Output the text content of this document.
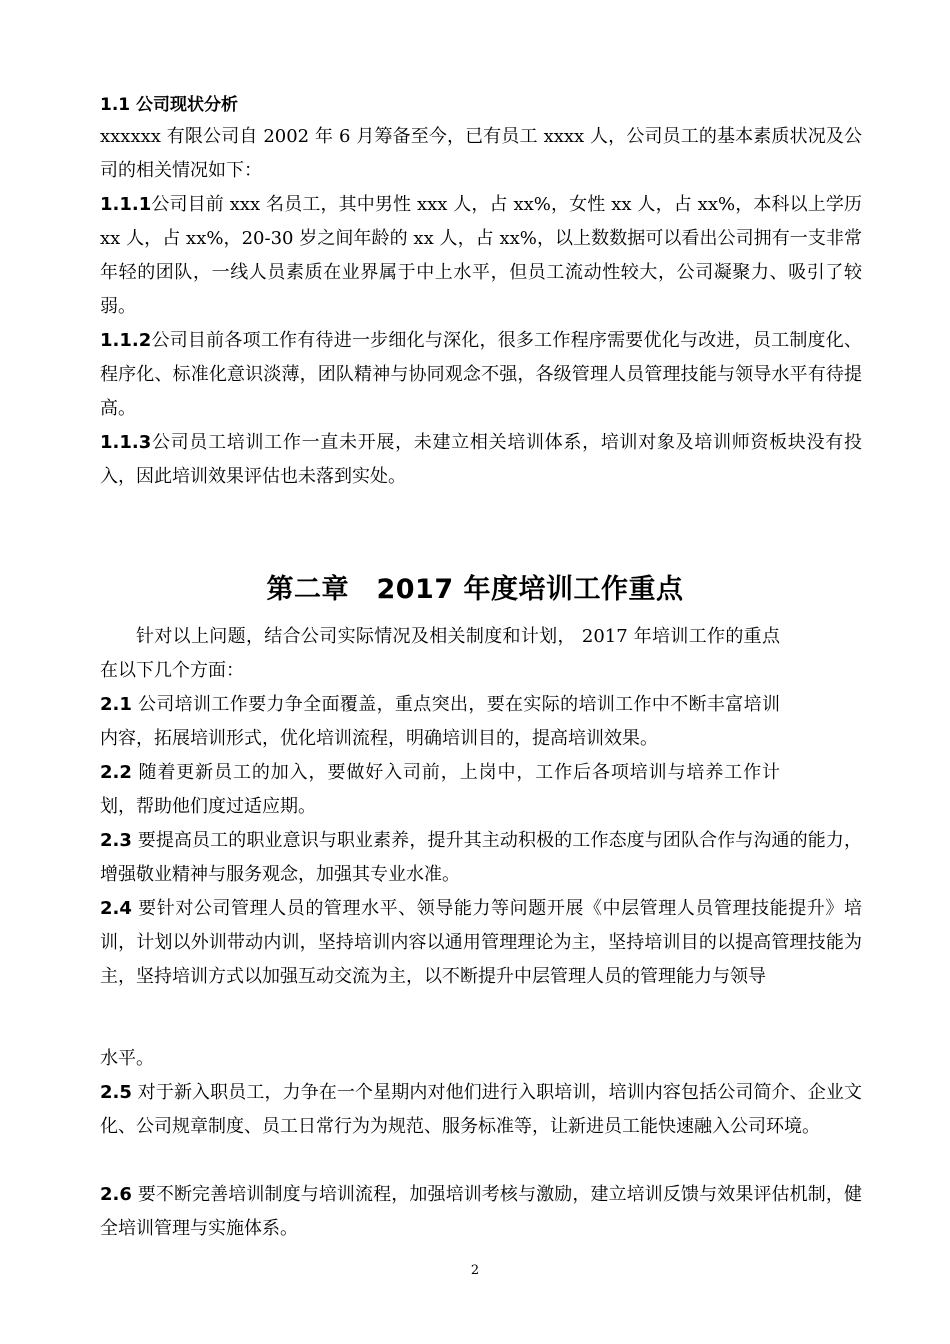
1.1 公司现状分析
xxxxxx 有限公司自 2002 年 6 月筹备至今，已有员工 xxxx 人，公司员工的基本素质状况及公司的相关情况如下：
1.1.1公司目前 xxx 名员工，其中男性 xxx 人，占 xx%，女性 xx 人，占 xx%，本科以上学历 xx 人，占 xx%，20-30 岁之间年龄的 xx 人，占 xx%，以上数数据可以看出公司拥有一支非常年轻的团队，一线人员素质在业界属于中上水平，但员工流动性较大，公司凝聚力、吸引了较弱。
1.1.2公司目前各项工作有待进一步细化与深化，很多工作程序需要优化与改进，员工制度化、程序化、标准化意识淡薄，团队精神与协同观念不强，各级管理人员管理技能与领导水平有待提高。
1.1.3公司员工培训工作一直未开展，未建立相关培训体系，培训对象及培训师资板块没有投入，因此培训效果评估也未落到实处。
第二章　2017 年度培训工作重点
针对以上问题，结合公司实际情况及相关制度和计划， 2017 年培训工作的重点在以下几个方面：
2.1 公司培训工作要力争全面覆盖，重点突出，要在实际的培训工作中不断丰富培训内容，拓展培训形式，优化培训流程，明确培训目的，提高培训效果。
2.2 随着更新员工的加入，要做好入司前，上岗中，工作后各项培训与培养工作计划，帮助他们度过适应期。
2.3 要提高员工的职业意识与职业素养，提升其主动积极的工作态度与团队合作与沟通的能力，增强敬业精神与服务观念，加强其专业水准。
2.4 要针对公司管理人员的管理水平、领导能力等问题开展《中层管理人员管理技能提升》培训，计划以外训带动内训，坚持培训内容以通用管理理论为主，坚持培训目的以提高管理技能为主，坚持培训方式以加强互动交流为主，以不断提升中层管理人员的管理能力与领导
水平。
2.5 对于新入职员工，力争在一个星期内对他们进行入职培训，培训内容包括公司简介、企业文化、公司规章制度、员工日常行为为规范、服务标准等，让新进员工能快速融入公司环境。
2.6 要不断完善培训制度与培训流程，加强培训考核与激励，建立培训反馈与效果评估机制，健全培训管理与实施体系。
2
